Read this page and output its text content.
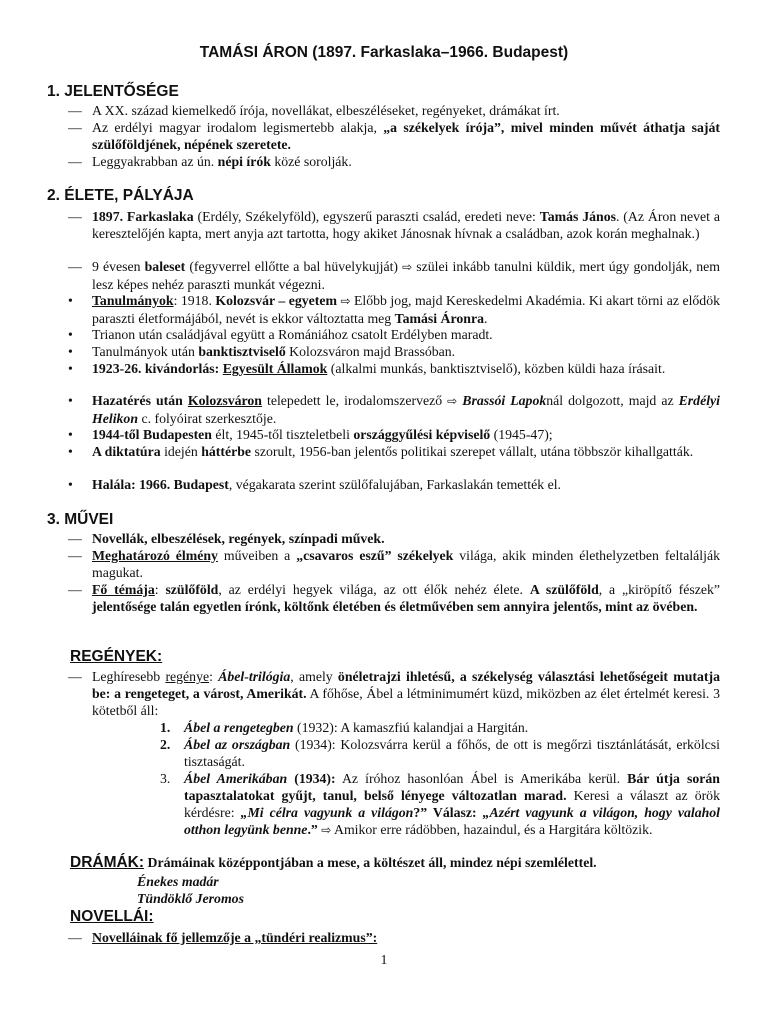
TAMÁSI ÁRON (1897. Farkaslaka–1966. Budapest)
1. JELENTŐSÉGE
— A XX. század kiemelkedő írója, novellákat, elbeszéléseket, regényeket, drámákat írt.
— Az erdélyi magyar irodalom legismertebb alakja, „a székelyek írója”, mivel minden művét áthatja saját szülőföldjének, népének szeretete.
— Leggyakrabban az ún. népi írók közé sorolják.
2. ÉLETE, PÁLYÁJA
— 1897. Farkaslaka (Erdély, Székelyföld), egyszerű paraszti család, eredeti neve: Tamás János. (Az Áron nevet a keresztelőjén kapta, mert anyja azt tartotta, hogy akiket Jánosnak hívnak a családban, azok korán meghalnak.)
— 9 évesen baleset (fegyverrel ellőtte a bal hüvelykujját) ⇨ szülei inkább tanulni küldik, mert úgy gondolják, nem lesz képes nehéz paraszti munkát végezni.
•	Tanulmányok: 1918. Kolozsvár – egyetem ⇨ Előbb jog, majd Kereskedelmi Akadémia. Ki akart törni az elődök paraszti életformájából, nevét is ekkor változtatta meg Tamási Áronra.
•	Trianon után családjával együtt a Romániához csatolt Erdélyben maradt.
•	Tanulmányok után banktisztviselő Kolozsváron majd Brassóban.
•	1923-26. kivándorlás: Egyesült Államok (alkalmi munkás, banktisztviselő), közben küldi haza írásait.
•	Hazatérés után Kolozsváron telepedett le, irodalomszervező ⇨ Brassói Lapoknál dolgozott, majd az Erdélyi Helikon c. folyóirat szerkesztője.
•	1944-től Budapesten élt, 1945-től tiszteletbeli országgyűlési képviselő (1945-47);
•	A diktatúra idején háttérbe szorult, 1956-ban jelentős politikai szerepet vállalt, utána többször kihallgatták.
•	Halála: 1966. Budapest, végakarata szerint szülőfalujában, Farkaslakán temették el.
3. MŰVEI
— Novellák, elbeszélések, regények, színpadi művek.
— Meghatározó élmény műveiben a „csavaros eszű” székelyek világa, akik minden élethelyzetben feltalálják magukat.
— Fő témája: szülőföld, az erdélyi hegyek világa, az ott élők nehéz élete. A szülőföld, a „kiröpítő fészek” jelentősége talán egyetlen írónk, költőnk életében és életművében sem annyira jelentős, mint az övében.
REGÉNYEK:
— Leghíresebb regénye: Ábel-trilógia, amely önéletrajzi ihletésű, a székelység választási lehetőségeit mutatja be: a rengeteget, a várost, Amerikát. A főhőse, Ábel a létminimumért küzd, miközben az élet értelmét keresi. 3 kötetből áll:
1. Ábel a rengetegben (1932): A kamaszfiú kalandjai a Hargitán.
2. Ábel az országban (1934): Kolozsvárra kerül a főhős, de ott is megőrzi tisztánlátását, erkölcsi tisztaságát.
3. Ábel Amerikában (1934): Az íróhoz hasonlóan Ábel is Amerikába kerül. Bár útja során tapasztalatokat gyűjt, tanul, belső lényege változatlan marad. Keresi a választ az örök kérdésre: „Mi célra vagyunk a világon?” Válasz: „Azért vagyunk a világon, hogy valahol otthon legyünk benne.” ⇨ Amikor erre rádöbben, hazaindul, és a Hargitára költözik.
DRÁMÁK: Drámáinak középpontjában a mese, a költészet áll, mindez népi szemlélettel.
Énekes madár
Tündöklő Jeromos
NOVELLÁI:
— Novelláinak fő jellemzője a „tündéri realizmus”:
1
